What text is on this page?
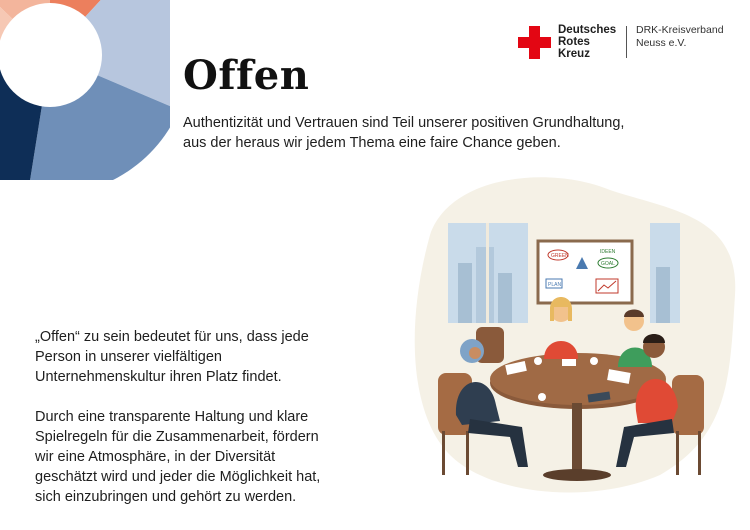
Deutsches
Rotes
Kreuz
DRK-Kreisverband
Neuss e.V.
Offen

Authentizität und Vertrauen sind Teil unserer positiven Grundhaltung,
aus der heraus wir jedem Thema eine faire Chance geben.

„Offen“ zu sein bedeutet für uns, dass jede
Person in unserer vielfältigen
Unternehmenskultur ihren Platz findet.

Durch eine transparente Haltung und klare
Spielregeln für die Zusammenarbeit, fördern
wir eine Atmosphäre, in der Diversität
geschätzt wird und jeder die Möglichkeit hat,
sich einzubringen und gehört zu werden.

GREEN
IDEEN
GOAL
PLAN
